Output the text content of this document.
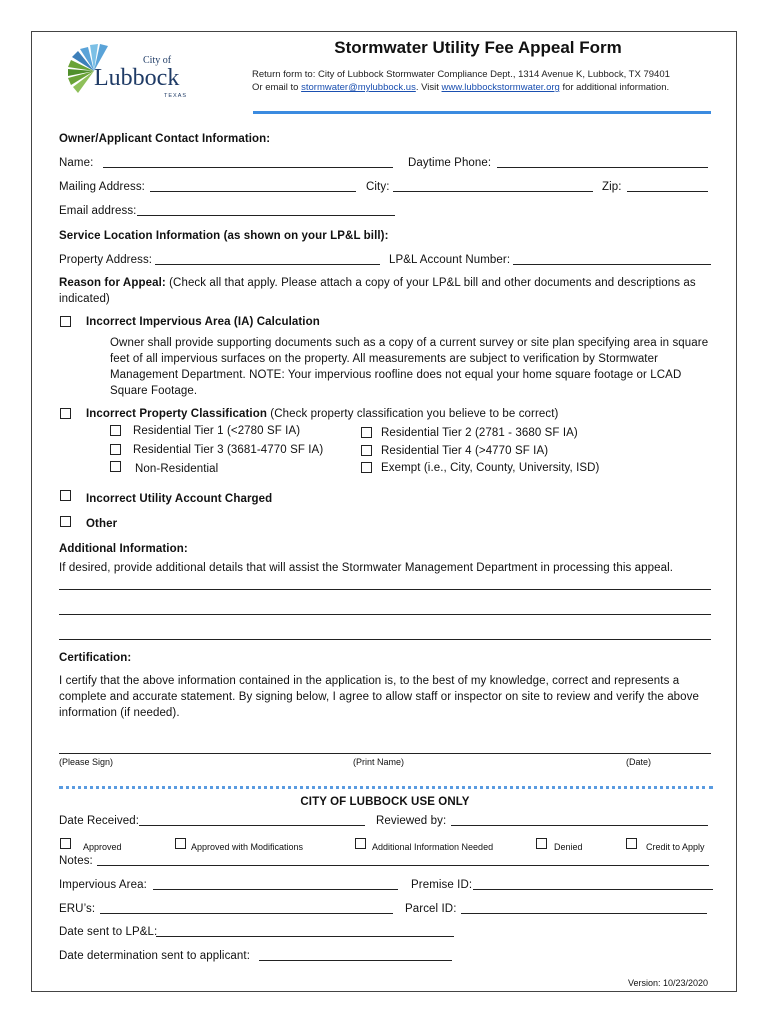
City of
Lubbock
TEXAS
Stormwater Utility Fee Appeal Form
Return form to: City of Lubbock Stormwater Compliance Dept., 1314 Avenue K, Lubbock, TX 79401
Or email to stormwater@mylubbock.us. Visit www.lubbockstormwater.org for additional information.
Owner/Applicant Contact Information:
Name:	Daytime Phone:
Mailing Address:	City:	Zip:
Email address:
Service Location Information (as shown on your LP&L bill):
Property Address:	LP&L Account Number:
Reason for Appeal: (Check all that apply. Please attach a copy of your LP&L bill and other documents and descriptions as
indicated)
Incorrect Impervious Area (IA) Calculation
Owner shall provide supporting documents such as a copy of a current survey or site plan specifying area in square
feet of all impervious surfaces on the property. All measurements are subject to verification by Stormwater
Management Department. NOTE: Your impervious roofline does not equal your home square footage or LCAD
Square Footage.
Incorrect Property Classification (Check property classification you believe to be correct)
Residential Tier 1 (<2780 SF IA)	Residential Tier 2 (2781 - 3680 SF IA)
Residential Tier 3 (3681-4770 SF IA)	Residential Tier 4 (>4770 SF IA)
Non-Residential	Exempt (i.e., City, County, University, ISD)
Incorrect Utility Account Charged
Other
Additional Information:
If desired, provide additional details that will assist the Stormwater Management Department in processing this appeal.
Certification:
I certify that the above information contained in the application is, to the best of my knowledge, correct and represents a
complete and accurate statement. By signing below, I agree to allow staff or inspector on site to review and verify the above
information (if needed).
(Please Sign)	(Print Name)	(Date)
CITY OF LUBBOCK USE ONLY
Date Received:	Reviewed by:
Approved	Approved with Modifications	Additional Information Needed	Denied	Credit to Apply
Notes:
Impervious Area:	Premise ID:
ERU’s:	Parcel ID:
Date sent to LP&L:
Date determination sent to applicant:
Version: 10/23/2020
